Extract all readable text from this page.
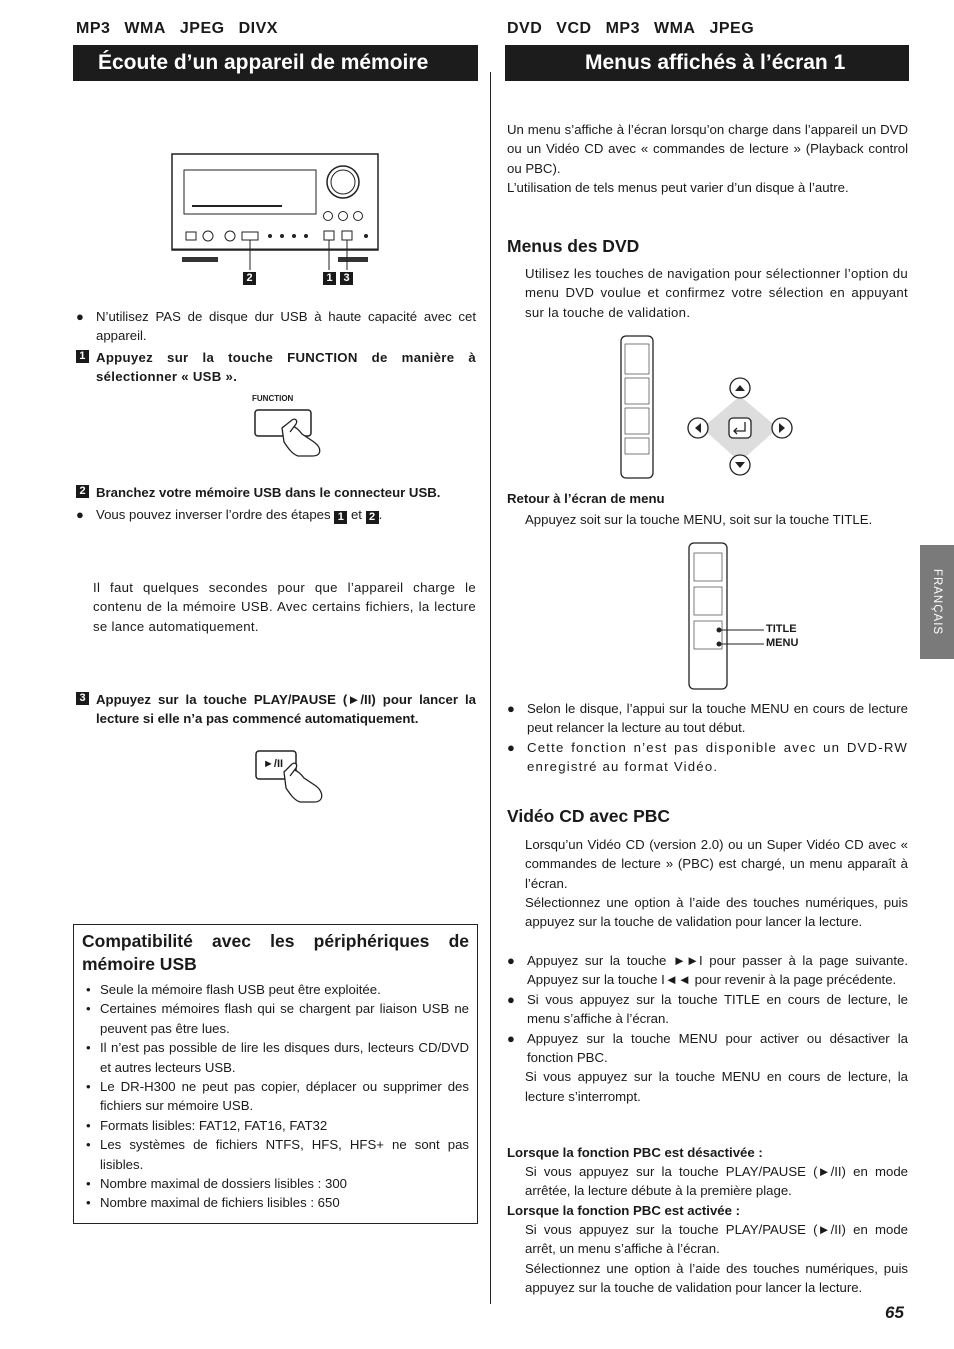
MP3 WMA JPEG DIVX
Écoute d’un appareil de mémoire USB
2	1 3
● N’utilisez PAS de disque dur USB à haute capacité avec cet appareil.
1 Appuyez sur la touche FUNCTION de manière à sélectionner « USB ».
FUNCTION
2 Branchez votre mémoire USB dans le connecteur USB.
● Vous pouvez inverser l’ordre des étapes 1 et 2 .
Il faut quelques secondes pour que l’appareil charge le contenu de la mémoire USB. Avec certains fichiers, la lecture se lance automatiquement.
3 Appuyez sur la touche PLAY/PAUSE (►/II) pour lancer la lecture si elle n’a pas commencé automatiquement.
►/II
Compatibilité avec les périphériques de mémoire USB
• Seule la mémoire flash USB peut être exploitée.
• Certaines mémoires flash qui se chargent par liaison USB ne peuvent pas être lues.
• Il n’est pas possible de lire les disques durs, lecteurs CD/DVD et autres lecteurs USB.
• Le DR-H300 ne peut pas copier, déplacer ou supprimer des fichiers sur mémoire USB.
• Formats lisibles: FAT12, FAT16, FAT32
• Les systèmes de fichiers NTFS, HFS, HFS+ ne sont pas lisibles.
• Nombre maximal de dossiers lisibles : 300
• Nombre maximal de fichiers lisibles : 650
DVD VCD MP3 WMA JPEG
Menus affichés à l’écran 1
Un menu s’affiche à l’écran lorsqu’on charge dans l’appareil un DVD ou un Vidéo CD avec « commandes de lecture » (Playback control ou PBC).
L’utilisation de tels menus peut varier d’un disque à l’autre.
Menus des DVD
Utilisez les touches de navigation pour sélectionner l’option du menu DVD voulue et confirmez votre sélection en appuyant sur la touche de validation.
Retour à l’écran de menu
Appuyez soit sur la touche MENU, soit sur la touche TITLE.
TITLE
MENU
● Selon le disque, l’appui sur la touche MENU en cours de lecture peut relancer la lecture au tout début.
● Cette fonction n’est pas disponible avec un DVD-RW enregistré au format Vidéo.
Vidéo CD avec PBC
Lorsqu’un Vidéo CD (version 2.0) ou un Super Vidéo CD avec « commandes de lecture » (PBC) est chargé, un menu apparaît à l’écran.
Sélectionnez une option à l’aide des touches numériques, puis appuyez sur la touche de validation pour lancer la lecture.
● Appuyez sur la touche ►►I pour passer à la page suivante. Appuyez sur la touche I◄◄ pour revenir à la page précédente.
● Si vous appuyez sur la touche TITLE en cours de lecture, le menu s’affiche à l’écran.
● Appuyez sur la touche MENU pour activer ou désactiver la fonction PBC.
Si vous appuyez sur la touche MENU en cours de lecture, la lecture s’interrompt.
Lorsque la fonction PBC est désactivée :
Si vous appuyez sur la touche PLAY/PAUSE (►/II) en mode arrêtée, la lecture débute à la première plage.
Lorsque la fonction PBC est activée :
Si vous appuyez sur la touche PLAY/PAUSE (►/II) en mode arrêt, un menu s’affiche à l’écran.
Sélectionnez une option à l’aide des touches numériques, puis appuyez sur la touche de validation pour lancer la lecture.
FRANÇAIS
65
